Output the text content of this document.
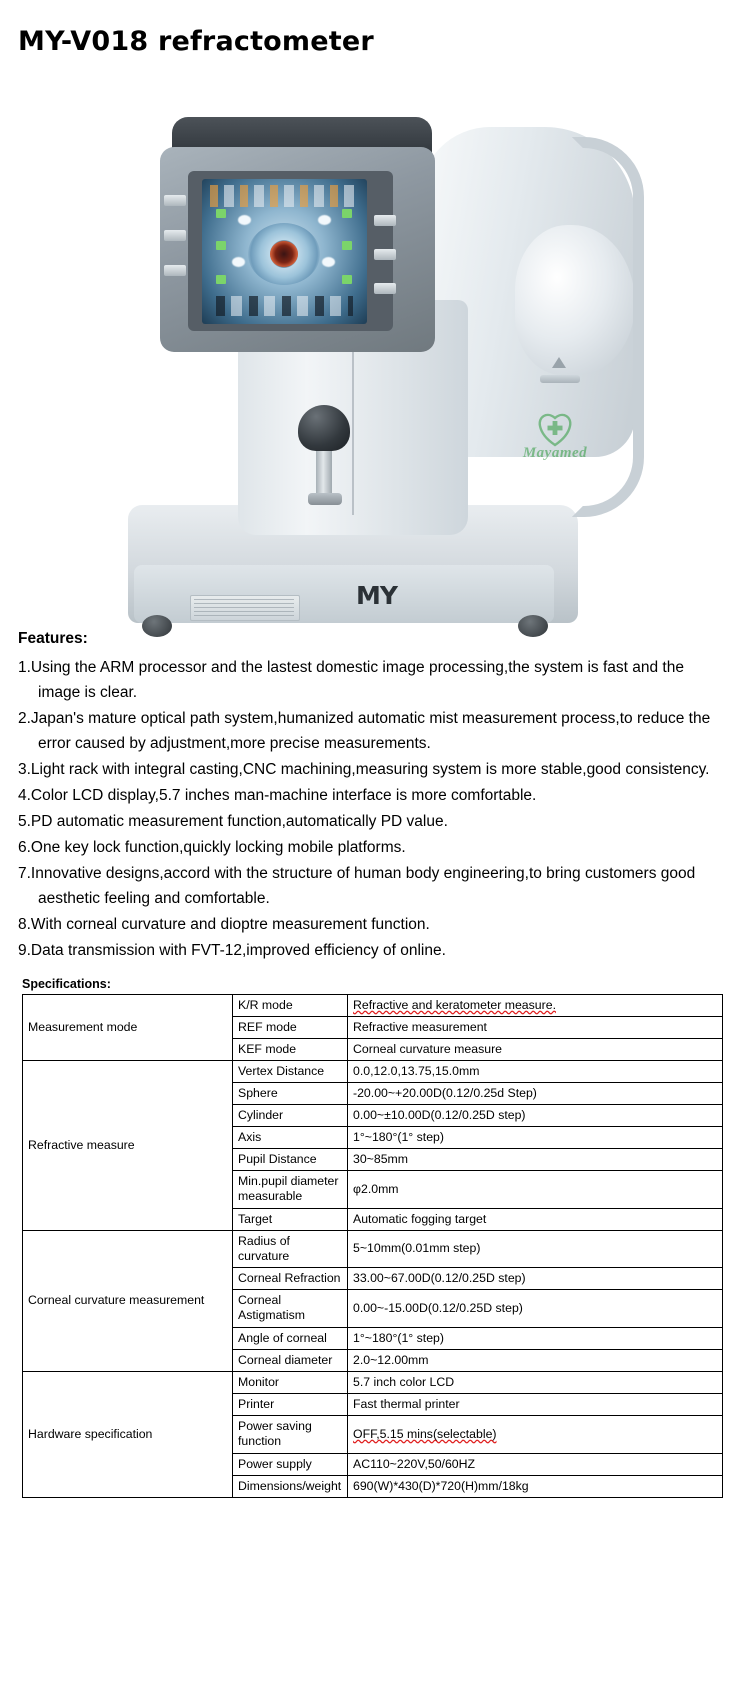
MY-V018 refractometer
MY
Mayamed
Features:
1.Using the ARM processor and the lastest domestic image processing,the system is fast and the image is clear.
2.Japan's mature optical path system,humanized automatic mist measurement process,to reduce the error caused by adjustment,more precise measurements.
3.Light rack with integral casting,CNC machining,measuring system is more stable,good consistency.
4.Color LCD display,5.7 inches man-machine interface is more comfortable.
5.PD automatic measurement function,automatically PD value.
6.One key lock function,quickly locking mobile platforms.
7.Innovative designs,accord with the structure of human body engineering,to bring customers good aesthetic feeling and comfortable.
8.With corneal curvature and dioptre measurement function.
9.Data transmission with FVT-12,improved efficiency of online.
Specifications:
Measurement mode	K/R mode	Refractive and keratometer measure.
	REF mode	Refractive measurement
	KEF mode	Corneal curvature measure
Refractive measure	Vertex Distance	0.0,12.0,13.75,15.0mm
	Sphere	-20.00~+20.00D(0.12/0.25d Step)
	Cylinder	0.00~±10.00D(0.12/0.25D step)
	Axis	1°~180°(1° step)
	Pupil Distance	30~85mm
	Min.pupil diameter measurable	φ2.0mm
	Target	Automatic fogging target
Corneal curvature measurement	Radius of curvature	5~10mm(0.01mm step)
	Corneal Refraction	33.00~67.00D(0.12/0.25D step)
	Corneal Astigmatism	0.00~-15.00D(0.12/0.25D step)
	Angle of corneal	1°~180°(1° step)
	Corneal diameter	2.0~12.00mm
Hardware specification	Monitor	5.7 inch color LCD
	Printer	Fast thermal printer
	Power saving function	OFF,5.15 mins(selectable)
	Power supply	AC110~220V,50/60HZ
	Dimensions/weight	690(W)*430(D)*720(H)mm/18kg
